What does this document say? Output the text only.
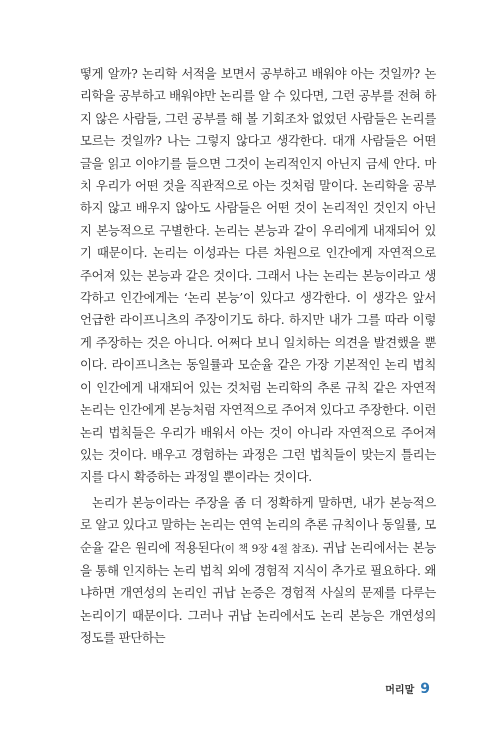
떻게 알까? 논리학 서적을 보면서 공부하고 배워야 아는 것일까? 논리학을 공부하고 배워야만 논리를 알 수 있다면, 그런 공부를 전혀 하지 않은 사람들, 그런 공부를 해 볼 기회조차 없었던 사람들은 논리를 모르는 것일까? 나는 그렇지 않다고 생각한다. 대개 사람들은 어떤 글을 읽고 이야기를 들으면 그것이 논리적인지 아닌지 금세 안다. 마치 우리가 어떤 것을 직관적으로 아는 것처럼 말이다. 논리학을 공부하지 않고 배우지 않아도 사람들은 어떤 것이 논리적인 것인지 아닌지 본능적으로 구별한다. 논리는 본능과 같이 우리에게 내재되어 있기 때문이다. 논리는 이성과는 다른 차원으로 인간에게 자연적으로 주어져 있는 본능과 같은 것이다. 그래서 나는 논리는 본능이라고 생각하고 인간에게는 ‘논리 본능’이 있다고 생각한다. 이 생각은 앞서 언급한 라이프니츠의 주장이기도 하다. 하지만 내가 그를 따라 이렇게 주장하는 것은 아니다. 어쩌다 보니 일치하는 의견을 발견했을 뿐이다. 라이프니츠는 동일률과 모순율 같은 가장 기본적인 논리 법칙이 인간에게 내재되어 있는 것처럼 논리학의 추론 규칙 같은 자연적 논리는 인간에게 본능처럼 자연적으로 주어져 있다고 주장한다. 이런 논리 법칙들은 우리가 배워서 아는 것이 아니라 자연적으로 주어져 있는 것이다. 배우고 경험하는 과정은 그런 법칙들이 맞는지 틀리는지를 다시 확증하는 과정일 뿐이라는 것이다.

논리가 본능이라는 주장을 좀 더 정확하게 말하면, 내가 본능적으로 알고 있다고 말하는 논리는 연역 논리의 추론 규칙이나 동일률, 모순율 같은 원리에 적용된다(이 책 9장 4절 참조). 귀납 논리에서는 본능을 통해 인지하는 논리 법칙 외에 경험적 지식이 추가로 필요하다. 왜냐하면 개연성의 논리인 귀납 논증은 경험적 사실의 문제를 다루는 논리이기 때문이다. 그러나 귀납 논리에서도 논리 본능은 개연성의 정도를 판단하는

머리말 9
